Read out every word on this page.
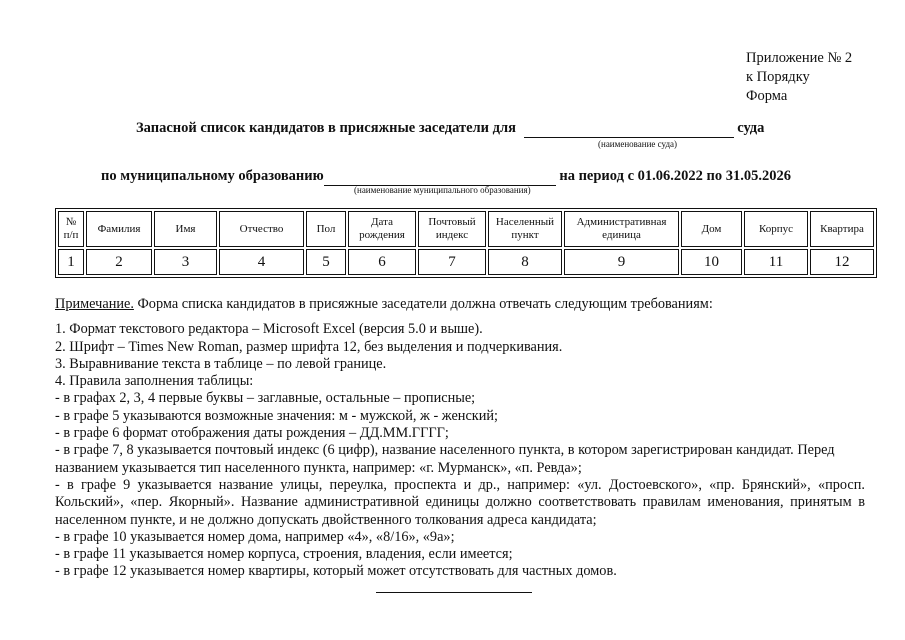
Приложение № 2
к Порядку
Форма
Запасной список кандидатов в присяжные заседатели для	суда
(наименование суда)
по муниципальному образованию	на период с 01.06.2022 по 31.05.2026
(наименование муниципального образования)
№ п/п	Фамилия	Имя	Отчество	Пол	Дата рождения	Почтовый индекс	Населенный пункт	Административная единица	Дом	Корпус	Квартира
1	2	3	4	5	6	7	8	9	10	11	12

Примечание. Форма списка кандидатов в присяжные заседатели должна отвечать следующим требованиям:

1. Формат текстового редактора – Microsoft Excel (версия 5.0 и выше).

2. Шрифт – Times New Roman, размер шрифта 12, без выделения и подчеркивания.

3. Выравнивание текста в таблице – по левой границе.

4. Правила заполнения таблицы:

- в графах 2, 3, 4 первые буквы – заглавные, остальные – прописные;

- в графе 5 указываются возможные значения: м - мужской, ж - женский;

- в графе 6 формат отображения даты рождения – ДД.ММ.ГГГГ;

- в графе 7, 8 указывается почтовый индекс (6 цифр), название населенного пункта, в котором зарегистрирован кандидат. Перед названием указывается тип населенного пункта, например: «г. Мурманск», «п. Ревда»;

- в графе 9 указывается название улицы, переулка, проспекта и др., например: «ул. Достоевского», «пр. Брянский», «просп. Кольский», «пер. Якорный». Название административной единицы должно соответствовать правилам именования, принятым в населенном пункте, и не должно допускать двойственного толкования адреса кандидата;

- в графе 10 указывается номер дома, например «4», «8/16», «9а»;

- в графе 11 указывается номер корпуса, строения, владения, если имеется;

- в графе 12 указывается номер квартиры, который может отсутствовать для частных домов.
